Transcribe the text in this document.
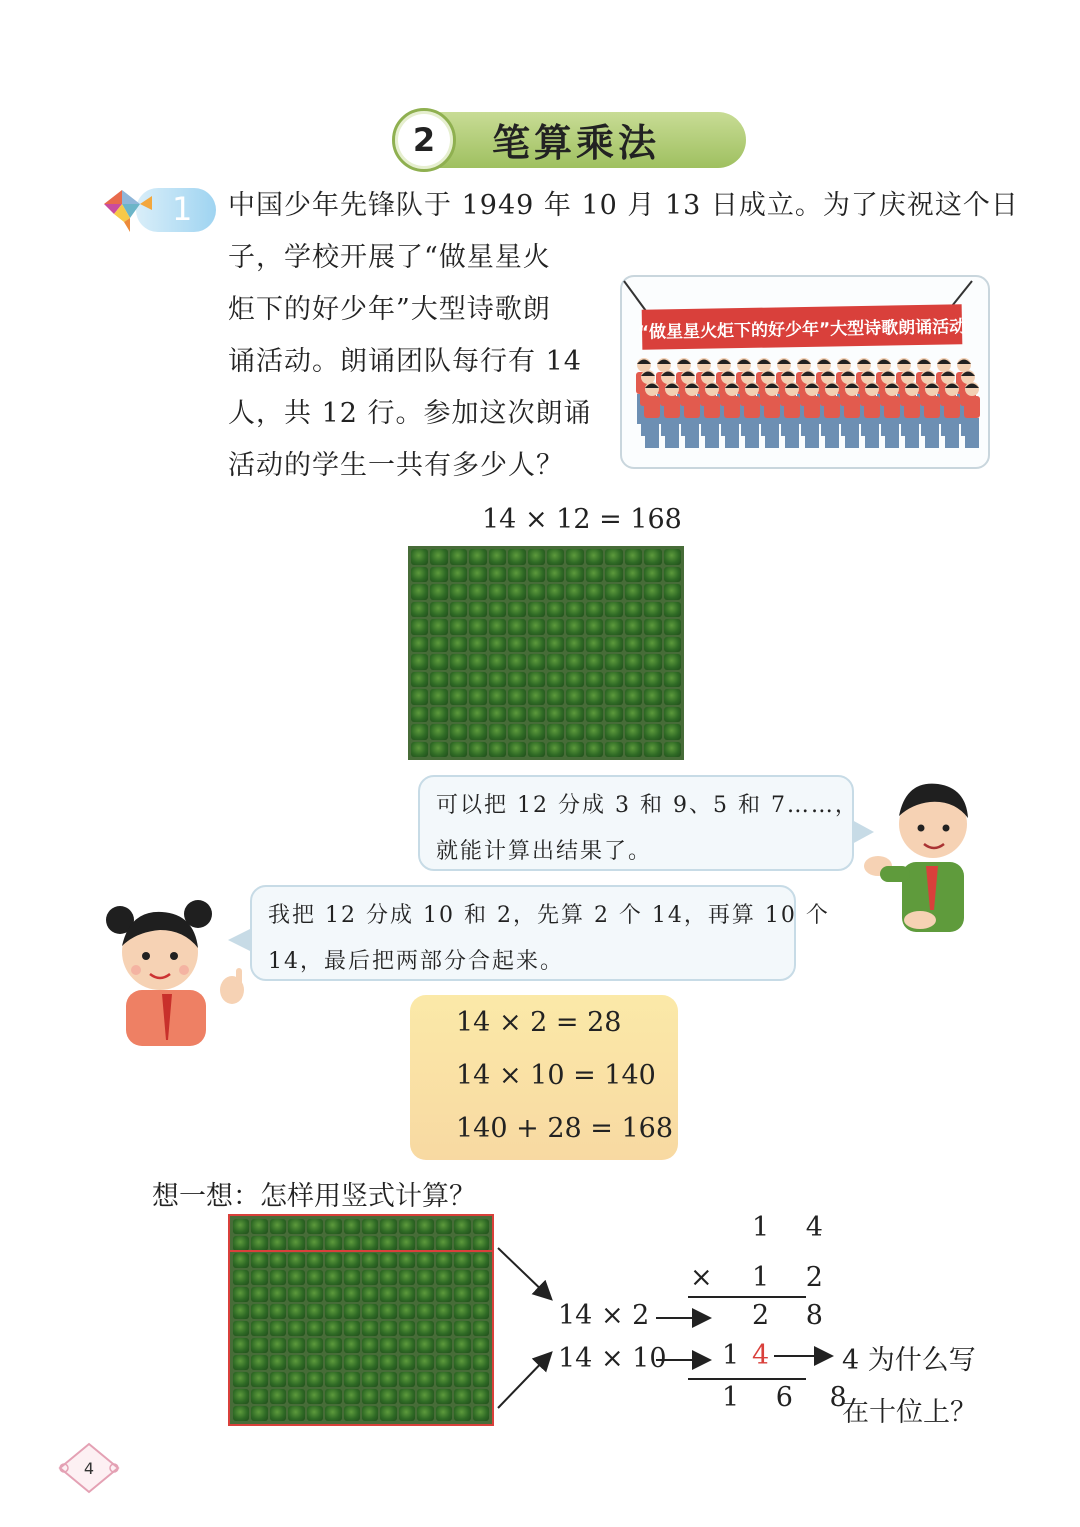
2	笔算乘法
1 中国少年先锋队于 1949 年 10 月 13 日成立。为了庆祝这个日
子，学校开展了“做星星火
炬下的好少年”大型诗歌朗
诵活动。朗诵团队每行有 14
人，共 12 行。参加这次朗诵
活动的学生一共有多少人？
“做星星火炬下的好少年”大型诗歌朗诵活动
14 × 12 = 168
可以把 12 分成 3 和 9、5 和 7……，
就能计算出结果了。
我把 12 分成 10 和 2，先算 2 个 14，再算 10 个
14，最后把两部分合起来。
14 × 2 = 28
14 × 10 = 140
140 + 28 = 168
想一想：怎样用竖式计算？
14 × 2
14 × 10
1 4
× 1 2
2 8
1 4
1 6 8
4 为什么写
在十位上？
4
